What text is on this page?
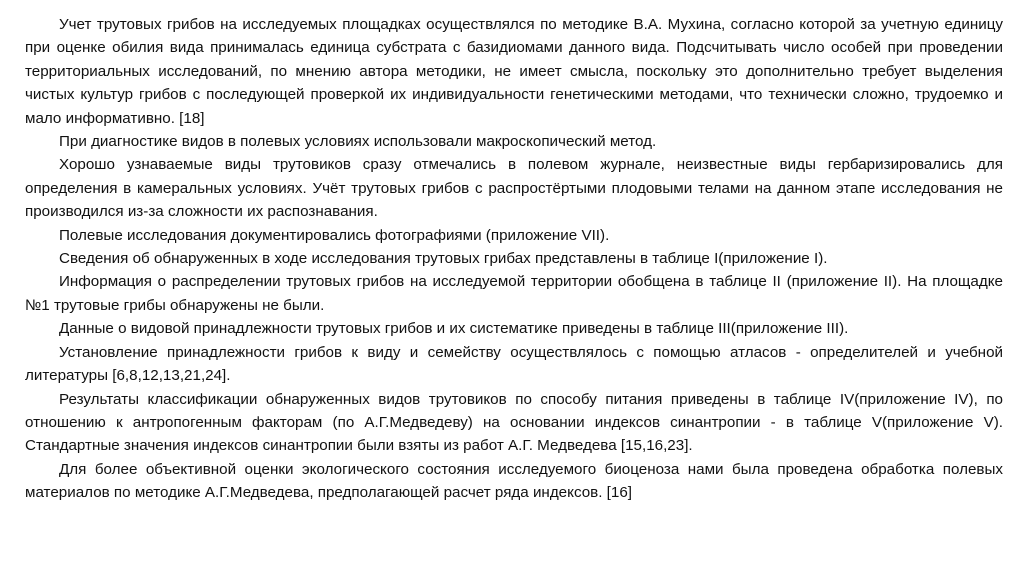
Учет трутовых грибов на исследуемых площадках осуществлялся по методике В.А. Мухина, согласно которой за учетную единицу при оценке обилия вида принималась единица субстрата с базидиомами данного вида. Подсчитывать число особей при проведении территориальных исследований, по мнению автора методики, не имеет смысла, поскольку это дополнительно требует выделения чистых культур грибов с последующей проверкой их индивидуальности генетическими методами, что технически сложно, трудоемко и мало информативно. [18]

При диагностике видов в полевых условиях использовали макроскопический метод.

Хорошо узнаваемые виды трутовиков сразу отмечались в полевом журнале, неизвестные виды гербаризировались для определения в камеральных условиях. Учёт трутовых грибов с распростёртыми плодовыми телами на данном этапе исследования не производился из-за сложности их распознавания.

Полевые исследования документировались фотографиями (приложение VII).

Сведения об обнаруженных в ходе исследования трутовых грибах представлены в таблице I(приложение I).

Информация о распределении трутовых грибов на исследуемой территории обобщена в таблице II (приложение II). На площадке №1 трутовые грибы обнаружены не были.

Данные о видовой принадлежности трутовых грибов и их систематике приведены в таблице III(приложение III).

Установление принадлежности грибов к виду и семейству осуществлялось с помощью атласов - определителей и учебной литературы [6,8,12,13,21,24].

Результаты классификации обнаруженных видов трутовиков по способу питания приведены в таблице IV(приложение IV), по отношению к антропогенным факторам (по А.Г.Медведеву) на основании индексов синантропии - в таблице V(приложение V). Стандартные значения индексов синантропии были взяты из работ А.Г. Медведева [15,16,23].

Для более объективной оценки экологического состояния исследуемого биоценоза нами была проведена обработка полевых материалов по методике А.Г.Медведева, предполагающей расчет ряда индексов. [16]
